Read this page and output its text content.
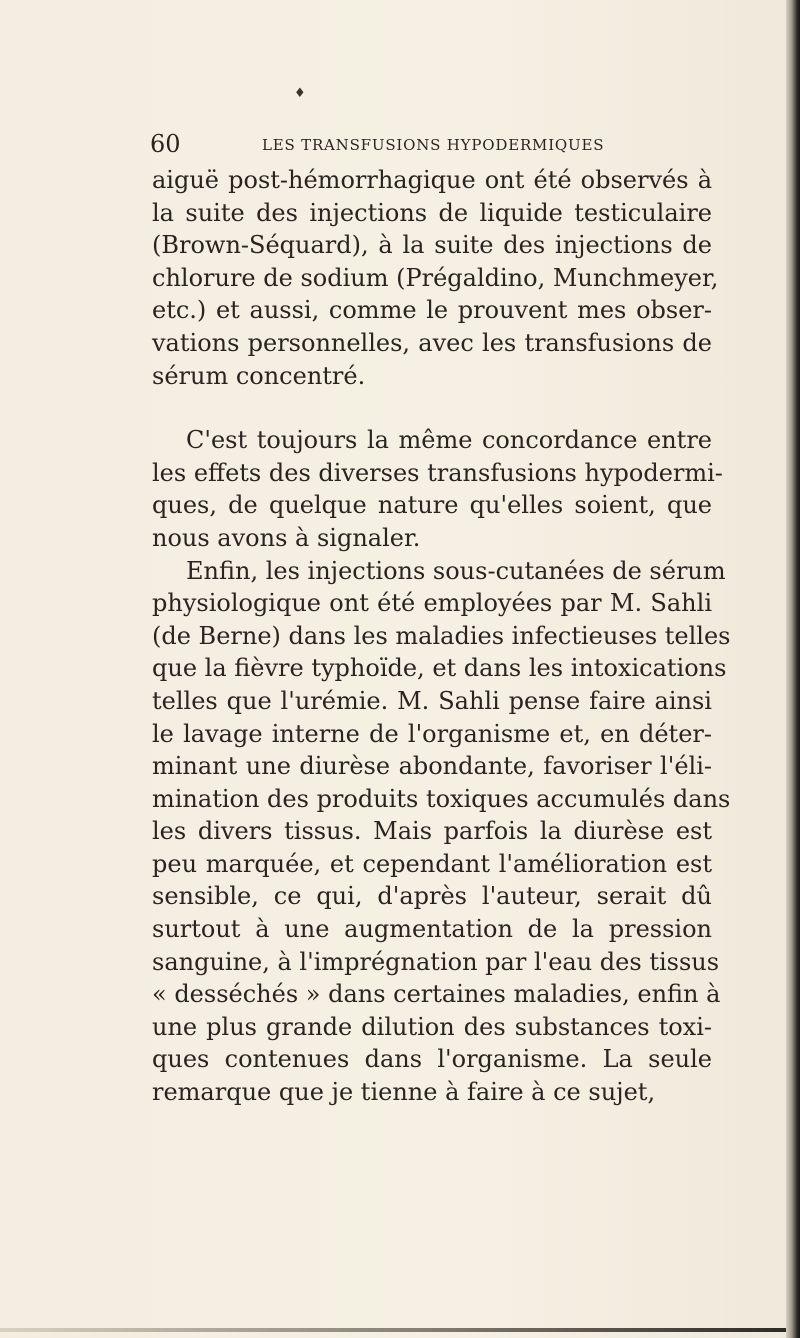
♦
60	LES TRANSFUSIONS HYPODERMIQUES
aiguë post-hémorrhagique ont été observés à
la suite des injections de liquide testiculaire
(Brown-Séquard), à la suite des injections de
chlorure de sodium (Prégaldino, Munchmeyer,
etc.) et aussi, comme le prouvent mes obser-
vations personnelles, avec les transfusions de
sérum concentré.
C'est toujours la même concordance entre
les effets des diverses transfusions hypodermi-
ques, de quelque nature qu'elles soient, que
nous avons à signaler.
Enfin, les injections sous-cutanées de sérum
physiologique ont été employées par M. Sahli
(de Berne) dans les maladies infectieuses telles
que la fièvre typhoïde, et dans les intoxications
telles que l'urémie. M. Sahli pense faire ainsi
le lavage interne de l'organisme et, en déter-
minant une diurèse abondante, favoriser l'éli-
mination des produits toxiques accumulés dans
les divers tissus. Mais parfois la diurèse est
peu marquée, et cependant l'amélioration est
sensible, ce qui, d'après l'auteur, serait dû
surtout à une augmentation de la pression
sanguine, à l'imprégnation par l'eau des tissus
« desséchés » dans certaines maladies, enfin à
une plus grande dilution des substances toxi-
ques contenues dans l'organisme. La seule
remarque que je tienne à faire à ce sujet,
